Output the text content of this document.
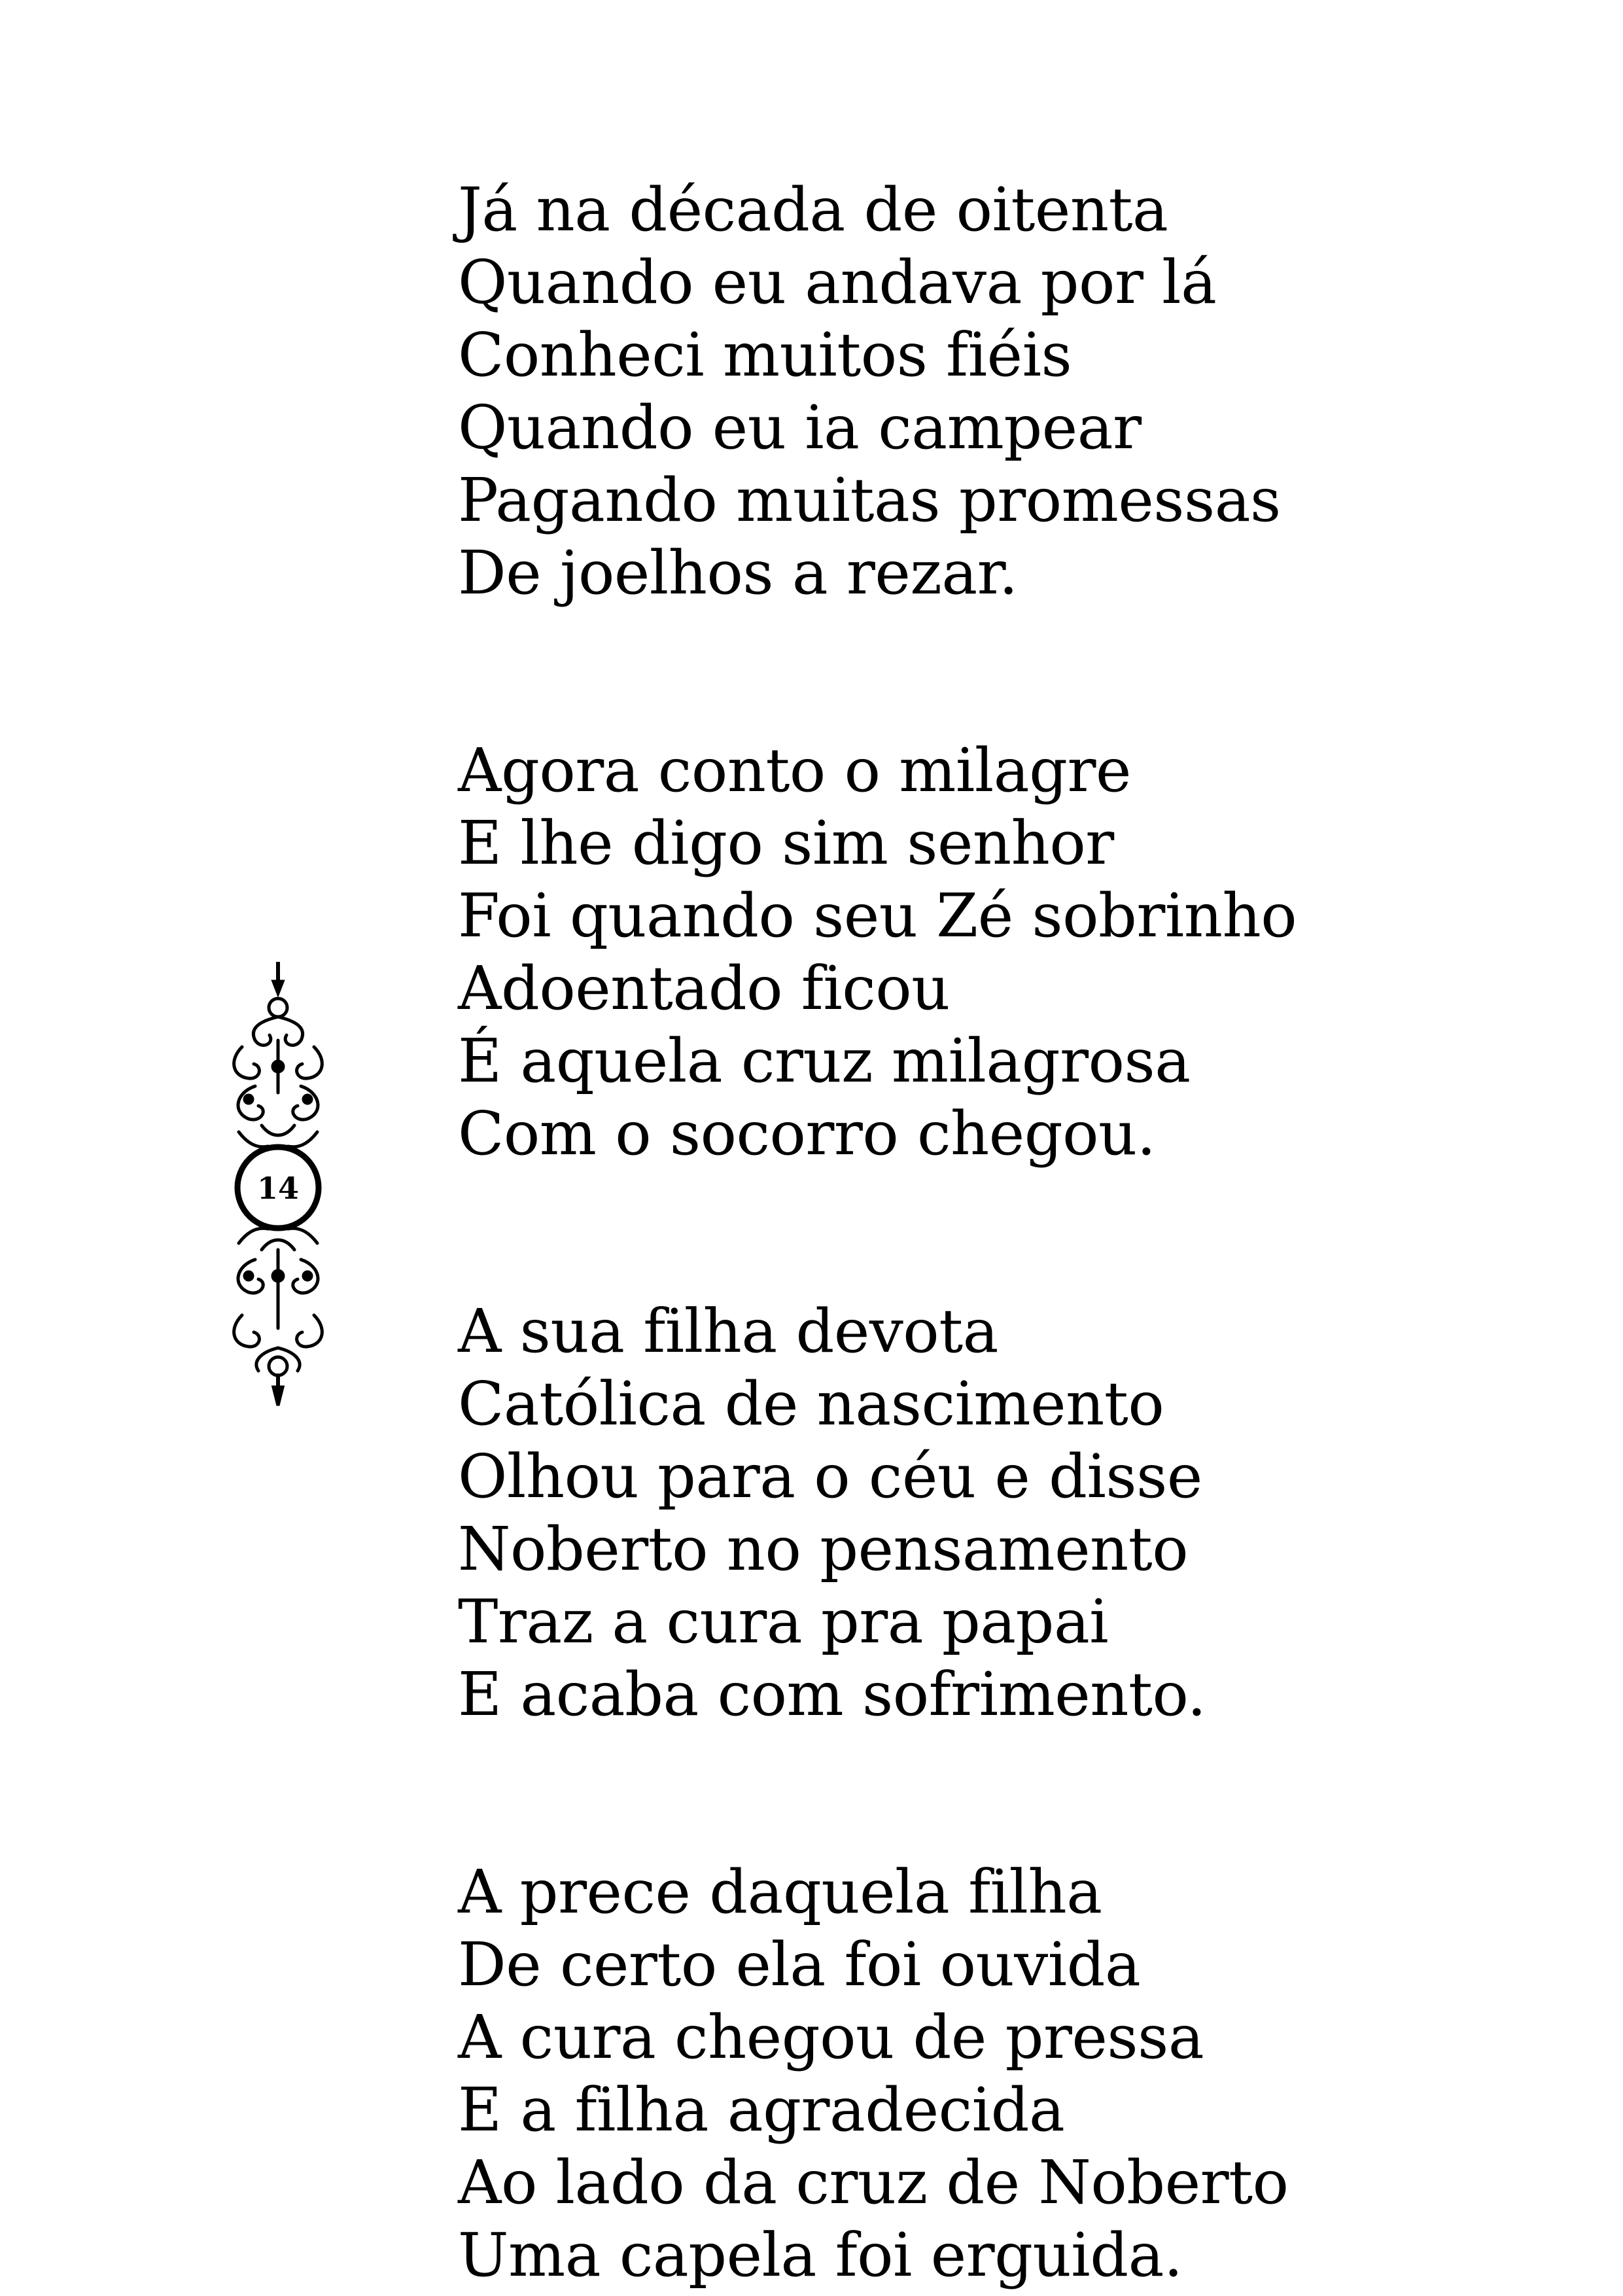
14
Já na década de oitenta
Quando eu andava por lá
Conheci muitos fiéis
Quando eu ia campear
Pagando muitas promessas
De joelhos a rezar.
Agora conto o milagre
E lhe digo sim senhor
Foi quando seu Zé sobrinho
Adoentado ficou
É aquela cruz milagrosa
Com o socorro chegou.
A sua filha devota
Católica de nascimento
Olhou para o céu e disse
Noberto no pensamento
Traz a cura pra papai
E acaba com sofrimento.
A prece daquela filha
De certo ela foi ouvida
A cura chegou de pressa
E a filha agradecida
Ao lado da cruz de Noberto
Uma capela foi erguida.
